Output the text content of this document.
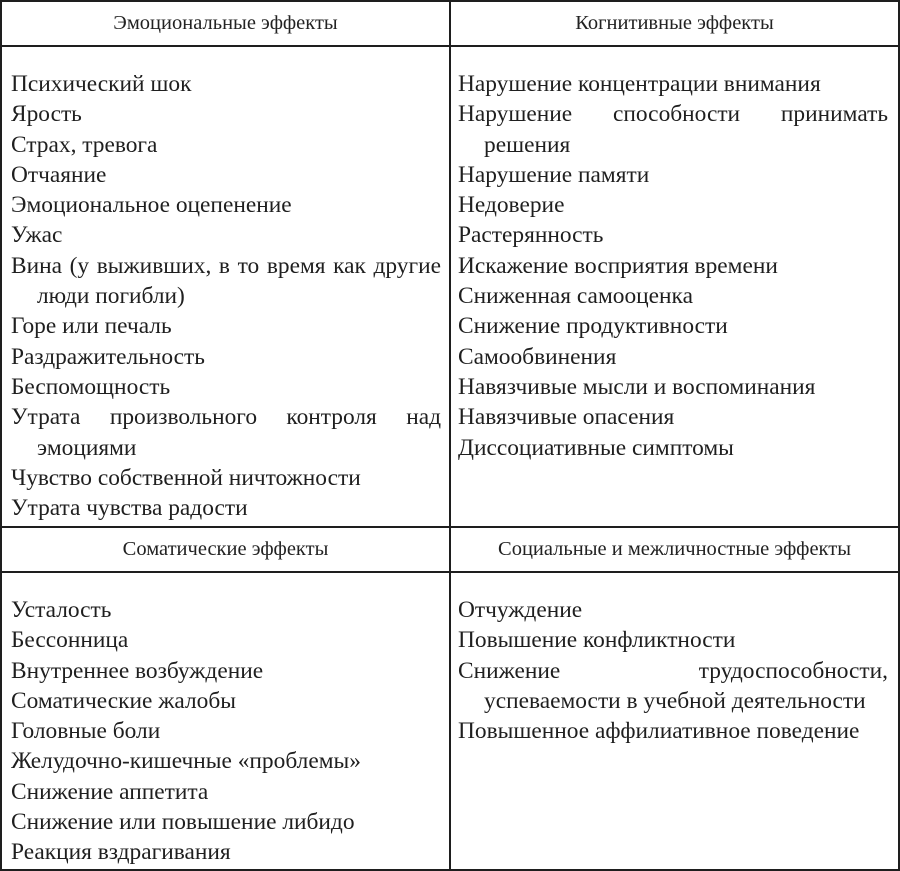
Эмоциональные эффекты	Когнитивные эффекты
Психический шок
Ярость
Страх, тревога
Отчаяние
Эмоциональное оцепенение
Ужас
Вина (у выживших, в то время как другие люди погибли)
Горе или печаль
Раздражительность
Беспомощность
Утрата произвольного контроля над эмоциями
Чувство собственной ничтожности
Утрата чувства радости
Нарушение концентрации внимания
Нарушение способности принимать решения
Нарушение памяти
Недоверие
Растерянность
Искажение восприятия времени
Сниженная самооценка
Снижение продуктивности
Самообвинения
Навязчивые мысли и воспоминания
Навязчивые опасения
Диссоциативные симптомы
Соматические эффекты	Социальные и межличностные эффекты
Усталость
Бессонница
Внутреннее возбуждение
Соматические жалобы
Головные боли
Желудочно-кишечные «проблемы»
Снижение аппетита
Снижение или повышение либидо
Реакция вздрагивания
Отчуждение
Повышение конфликтности
Снижение трудоспособности, успеваемости в учебной деятельности
Повышенное аффилиативное поведение
